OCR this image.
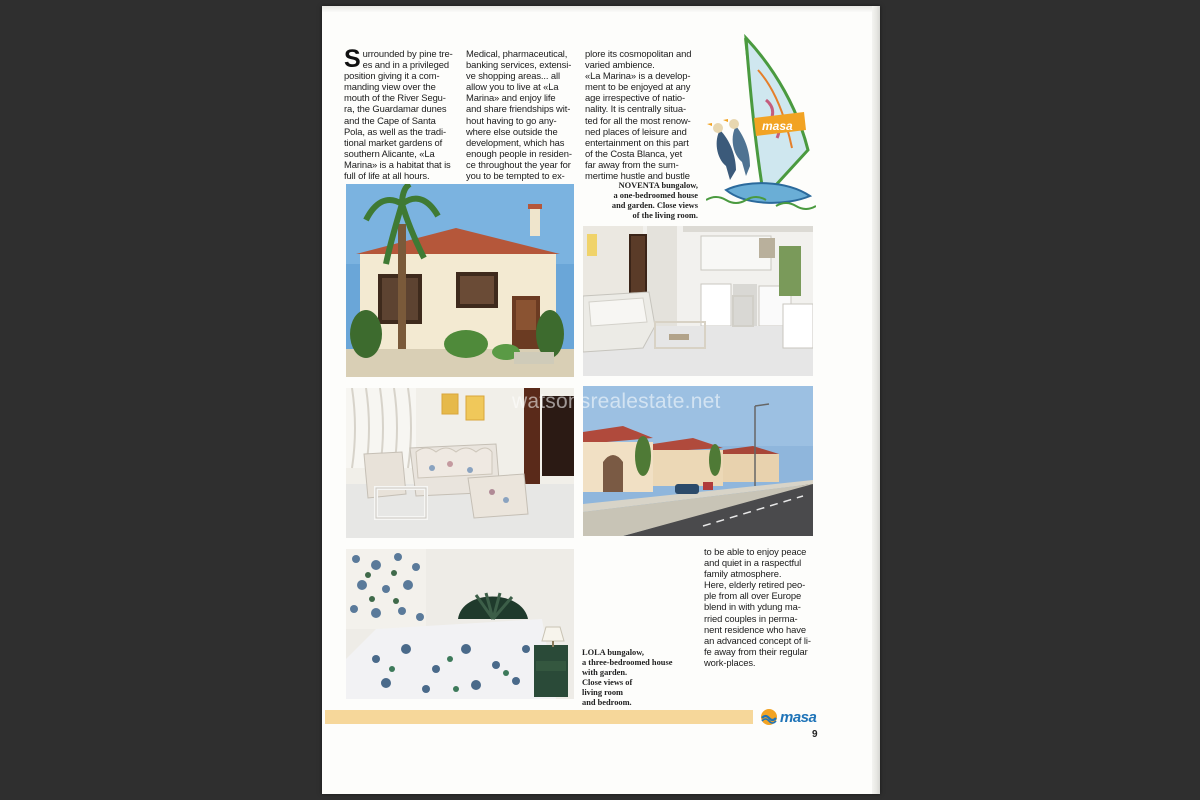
Surrounded by pine tre-
es and in a privileged
position giving it a com-
manding view over the
mouth of the River Segu-
ra, the Guardamar dunes
and the Cape of Santa
Pola, as well as the tradi-
tional market gardens of
southern Alicante, «La
Marina» is a habitat that is
full of life at all hours.
Medical, pharmaceutical,
banking services, extensi-
ve shopping areas... all
allow you to live at «La
Marina» and enjoy life
and share friendships wit-
hout having to go any-
where else outside the
development, which has
enough people in residen-
ce throughout the year for
you to be tempted to ex-
plore its cosmopolitan and
varied ambience.
«La Marina» is a develop-
ment to be enjoyed at any
age irrespective of natio-
nality. It is centrally situa-
ted for all the most renow-
ned places of leisure and
entertainment on this part
of the Costa Blanca, yet
far away from the sum-
mertime hustle and bustle
to be able to enjoy peace
and quiet in a raspectful
family atmosphere.
Here, elderly retired peo-
ple from all over Europe
blend in with ydung ma-
rried couples in perma-
nent residence who have
an advanced concept of li-
fe away from their regular
work-places.
masa
NOVENTA bungalow,
a one-bedroomed house
and garden. Close views
of the living room.
LOLA bungalow,
a three-bedroomed house
with garden.
Close views of
living room
and bedroom.
watsonsrealestate.net
masa
9
